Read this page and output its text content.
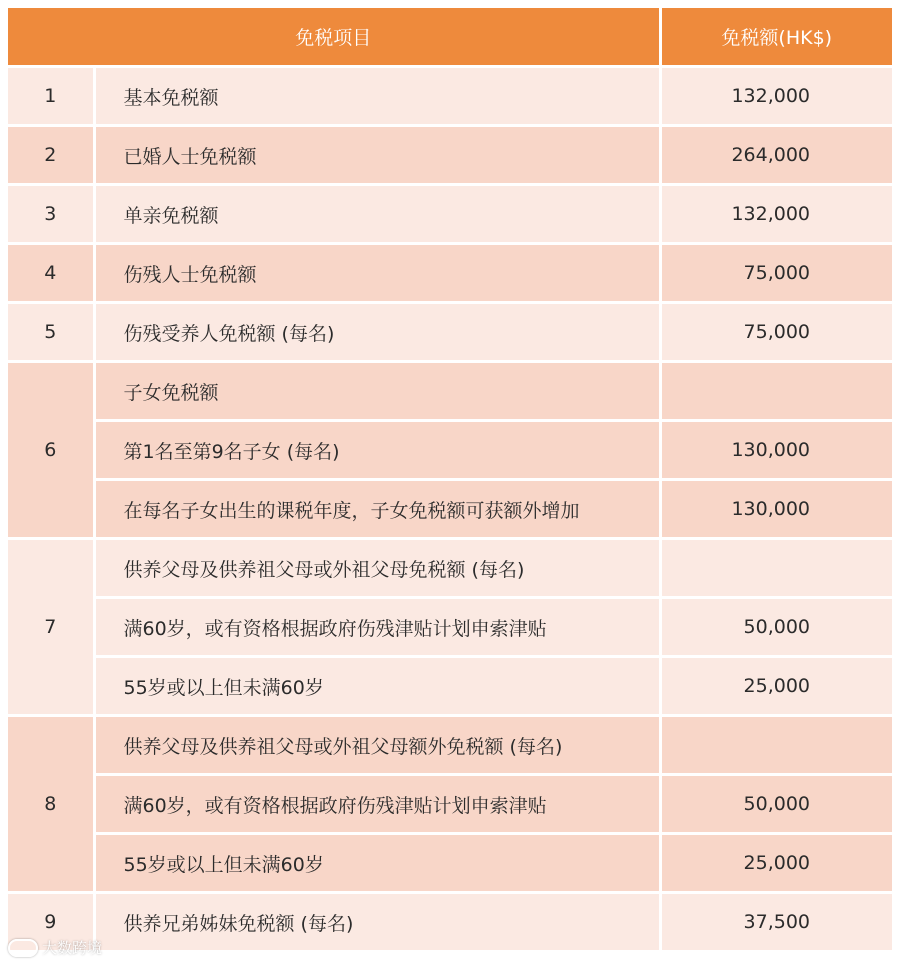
免税项目		免税额(HK$)
1	基本免税额	132,000
2	已婚人士免税额	264,000
3	单亲免税额	132,000
4	伤残人士免税额	75,000
5	伤残受养人免税额 (每名)	75,000
6	子女免税额	
	第1名至第9名子女 (每名)	130,000
	在每名子女出生的课税年度，子女免税额可获额外增加	130,000
7	供养父母及供养祖父母或外祖父母免税额 (每名)	
	满60岁，或有资格根据政府伤残津贴计划申索津贴	50,000
	55岁或以上但未满60岁	25,000
8	供养父母及供养祖父母或外祖父母额外免税额 (每名)	
	满60岁，或有资格根据政府伤残津贴计划申索津贴	50,000
	55岁或以上但未满60岁	25,000
9	供养兄弟姊妹免税额 (每名)	37,500
大数跨境
